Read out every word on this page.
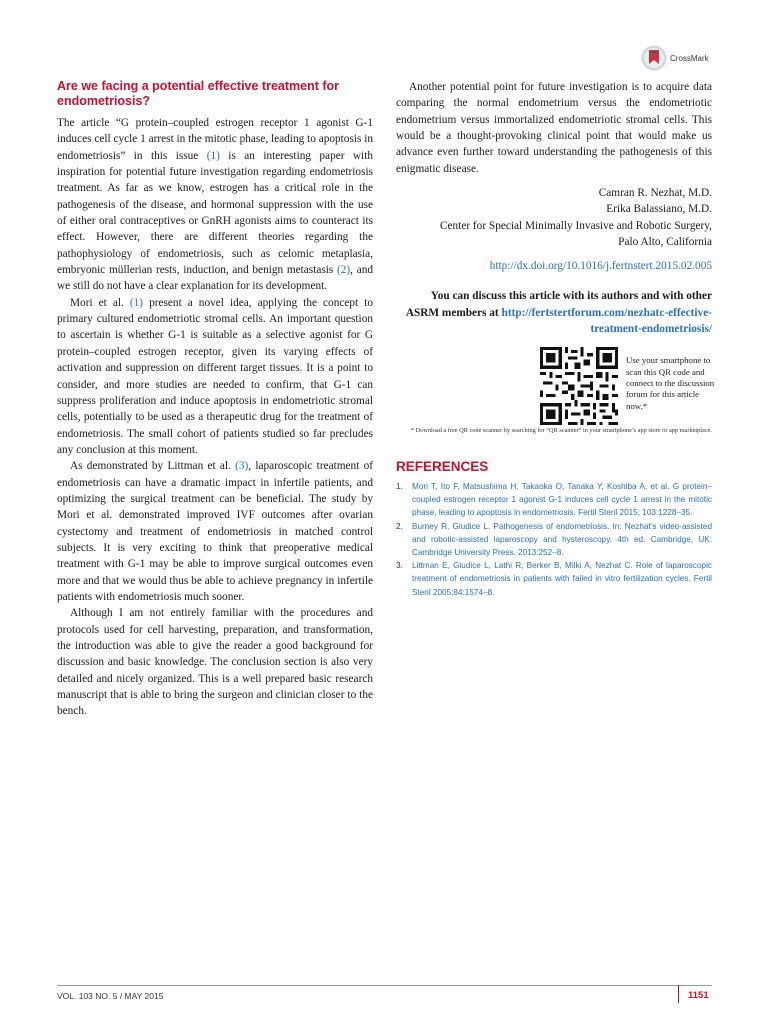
CrossMark
Are we facing a potential effective treatment for endometriosis?

The article “G protein–coupled estrogen receptor 1 agonist G-1 induces cell cycle 1 arrest in the mitotic phase, leading to apoptosis in endometriosis” in this issue (1) is an interesting paper with inspiration for potential future investigation regarding endometriosis treatment. As far as we know, estrogen has a critical role in the pathogenesis of the disease, and hormonal suppression with the use of either oral contraceptives or GnRH agonists aims to counteract its effect. However, there are different theories regarding the pathophysiology of endometriosis, such as celomic metaplasia, embryonic müllerian rests, induction, and benign metastasis (2), and we still do not have a clear explanation for its development.

Mori et al. (1) present a novel idea, applying the concept to primary cultured endometriotic stromal cells. An important question to ascertain is whether G-1 is suitable as a selective agonist for G protein–coupled estrogen receptor, given its varying effects of activation and suppression on different target tissues. It is a point to consider, and more studies are needed to confirm, that G-1 can suppress proliferation and induce apoptosis in endometriotic stromal cells, potentially to be used as a therapeutic drug for the treatment of endometriosis. The small cohort of patients studied so far precludes any conclusion at this moment.

As demonstrated by Littman et al. (3), laparoscopic treatment of endometriosis can have a dramatic impact in infertile patients, and optimizing the surgical treatment can be beneficial. The study by Mori et al. demonstrated improved IVF outcomes after ovarian cystectomy and treatment of endometriosis in matched control subjects. It is very exciting to think that preoperative medical treatment with G-1 may be able to improve surgical outcomes even more and that we would thus be able to achieve pregnancy in infertile patients with endometriosis much sooner.

Although I am not entirely familiar with the procedures and protocols used for cell harvesting, preparation, and transformation, the introduction was able to give the reader a good background for discussion and basic knowledge. The conclusion section is also very detailed and nicely organized. This is a well prepared basic research manuscript that is able to bring the surgeon and clinician closer to the bench.

Another potential point for future investigation is to acquire data comparing the normal endometrium versus the endometriotic endometrium versus immortalized endometriotic stromal cells. This would be a thought-provoking clinical point that would make us advance even further toward understanding the pathogenesis of this enigmatic disease.

Camran R. Nezhat, M.D.
Erika Balassiano, M.D.
Center for Special Minimally Invasive and Robotic Surgery,
Palo Alto, California
http://dx.doi.org/10.1016/j.fertnstert.2015.02.005
You can discuss this article with its authors and with other ASRM members at http://fertstertforum.com/nezhatc-effective-treatment-endometriosis/
Use your smartphone to scan this QR code and connect to the discussion forum for this article now.*
* Download a free QR code scanner by searching for “QR scanner” in your smartphone’s app store or app marketplace.
REFERENCES
1. Mori T, Ito F, Matsushima H, Takaoka O, Tanaka Y, Koshiba A, et al. G protein–coupled estrogen receptor 1 agonist G-1 induces cell cycle 1 arrest in the mitotic phase, leading to apoptosis in endometriosis. Fertil Steril 2015; 103:1228–35.
2. Burney R, Giudice L. Pathogenesis of endometriosis. In: Nezhat’s video-assisted and robotic-assisted laparoscopy and hysteroscopy. 4th ed. Cambridge, UK: Cambridge University Press. 2013:252–8.
3. Littman E, Giudice L, Lathi R, Berker B, Milki A, Nezhat C. Role of laparoscopic treatment of endometriosis in patients with failed in vitro fertilization cycles. Fertil Steril 2005;84:1574–8.
VOL. 103 NO. 5 / MAY 2015	1151
